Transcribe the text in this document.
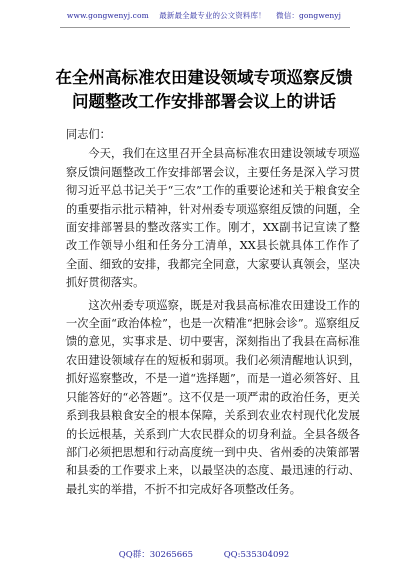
www.gongwenyj.com 最新最全最专业的公文资料库！ 微信：gongwenyj
在全州高标准农田建设领域专项巡察反馈
问题整改工作安排部署会议上的讲话

同志们：

今天，我们在这里召开全县高标准农田建设领域专项巡察反馈问题整改工作安排部署会议，主要任务是深入学习贯彻习近平总书记关于“三农”工作的重要论述和关于粮食安全的重要指示批示精神，针对州委专项巡察组反馈的问题，全面安排部署县的整改落实工作。刚才，XX副书记宣读了整改工作领导小组和任务分工清单，XX县长就具体工作作了全面、细致的安排，我都完全同意，大家要认真领会，坚决抓好贯彻落实。

这次州委专项巡察，既是对我县高标准农田建设工作的一次全面“政治体检”，也是一次精准“把脉会诊”。巡察组反馈的意见，实事求是、切中要害，深刻指出了我县在高标准农田建设领域存在的短板和弱项。我们必须清醒地认识到，抓好巡察整改，不是一道“选择题”，而是一道必须答好、且只能答好的“必答题”。这不仅是一项严肃的政治任务，更关系到我县粮食安全的根本保障，关系到农业农村现代化发展的长远根基，关系到广大农民群众的切身利益。全县各级各部门必须把思想和行动高度统一到中央、省州委的决策部署和县委的工作要求上来，以最坚决的态度、最迅速的行动、最扎实的举措，不折不扣完成好各项整改任务。

QQ群：30265665	QQ:535304092
